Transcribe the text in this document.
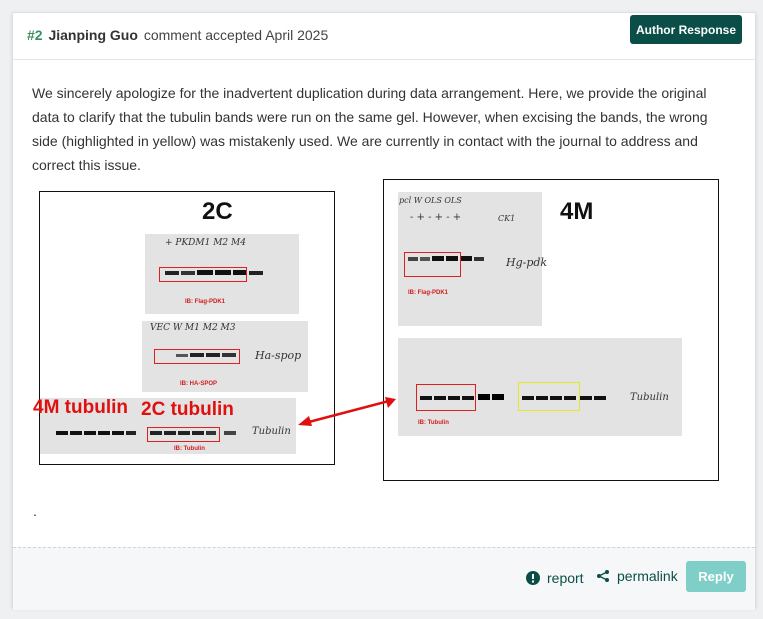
#2 Jianping Guo comment accepted April 2025	Author Response
We sincerely apologize for the inadvertent duplication during data arrangement. Here, we provide the original data to clarify that the tubulin bands were run on the same gel. However, when excising the bands, the wrong side (highlighted in yellow) was mistakenly used. We are currently in contact with the journal to address and correct this issue.
2C
+ PKDM1 M2 M4
IB: Flag-PDK1
VEC W M1 M2 M3
Ha-spop
IB: HA-SPOP
Tubulin
IB: Tubulin
4M tubulin 2C tubulin
4M
pcl W OLS OLS
- + - + - +	CK1
Hg-pdk
IB: Flag-PDK1
Tubulin
IB: Tubulin
.
report permalink	Reply
